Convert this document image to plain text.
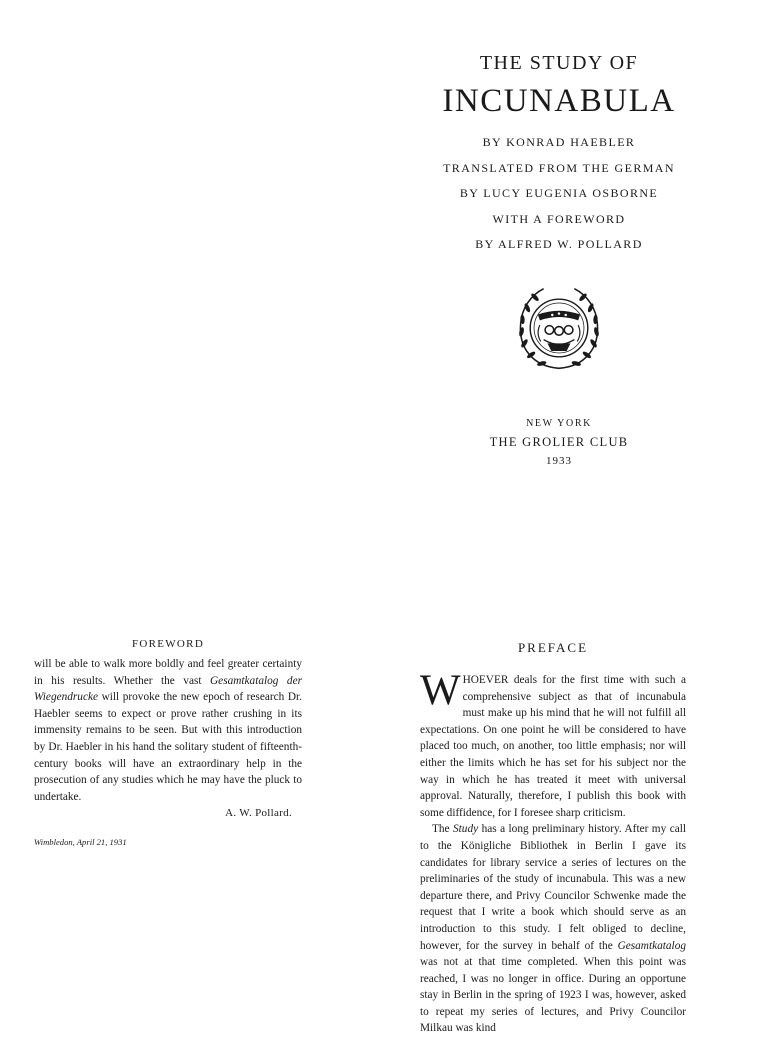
THE STUDY OF

INCUNABULA

BY KONRAD HAEBLER

TRANSLATED FROM THE GERMAN

BY LUCY EUGENIA OSBORNE

WITH A FOREWORD

BY ALFRED W. POLLARD

NEW YORK

THE GROLIER CLUB

1933

FOREWORD

will be able to walk more boldly and feel greater certainty in his results. Whether the vast Gesamtkatalog der Wiegendrucke will provoke the new epoch of research Dr. Haebler seems to expect or prove rather crushing in its immensity remains to be seen. But with this introduction by Dr. Haebler in his hand the solitary student of fifteenth-century books will have an extraordinary help in the prosecution of any studies which he may have the pluck to undertake.

A. W. Pollard.

Wimbledon, April 21, 1931

PREFACE

WHOEVER deals for the first time with such a comprehensive subject as that of incunabula must make up his mind that he will not fulfill all expectations. On one point he will be considered to have placed too much, on another, too little emphasis; nor will either the limits which he has set for his subject nor the way in which he has treated it meet with universal approval. Naturally, therefore, I publish this book with some diffidence, for I foresee sharp criticism.

The Study has a long preliminary history. After my call to the Königliche Bibliothek in Berlin I gave its candidates for library service a series of lectures on the preliminaries of the study of incunabula. This was a new departure there, and Privy Councilor Schwenke made the request that I write a book which should serve as an introduction to this study. I felt obliged to decline, however, for the survey in behalf of the Gesamtkatalog was not at that time completed. When this point was reached, I was no longer in office. During an opportune stay in Berlin in the spring of 1923 I was, however, asked to repeat my series of lectures, and Privy Councilor Milkau was kind
